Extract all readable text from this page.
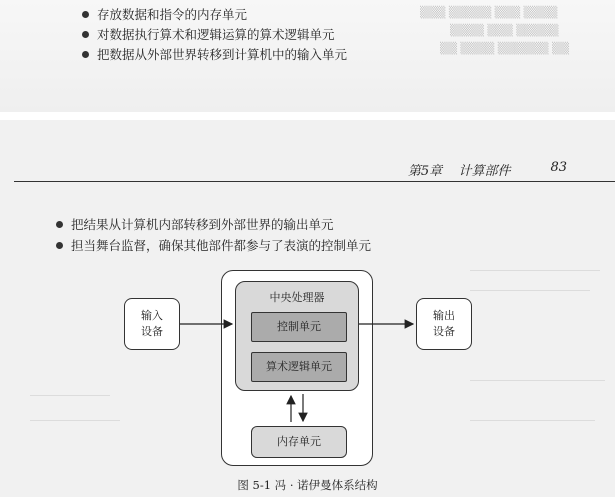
▒▒▒ ▒▒▒▒▒ ▒▒▒ ▒▒▒▒
▒▒▒▒ ▒▒▒ ▒▒▒▒▒
▒▒ ▒▒▒▒ ▒▒▒▒▒▒ ▒▒
存放数据和指令的内存单元
对数据执行算术和逻辑运算的算术逻辑单元
把数据从外部世界转移到计算机中的输入单元
第5章 计算部件	83
把结果从计算机内部转移到外部世界的输出单元
担当舞台监督，确保其他部件都参与了表演的控制单元
中央处理器
控制单元
算术逻辑单元
内存单元
输入
设备
输出
设备
图 5-1 冯 · 诺伊曼体系结构
